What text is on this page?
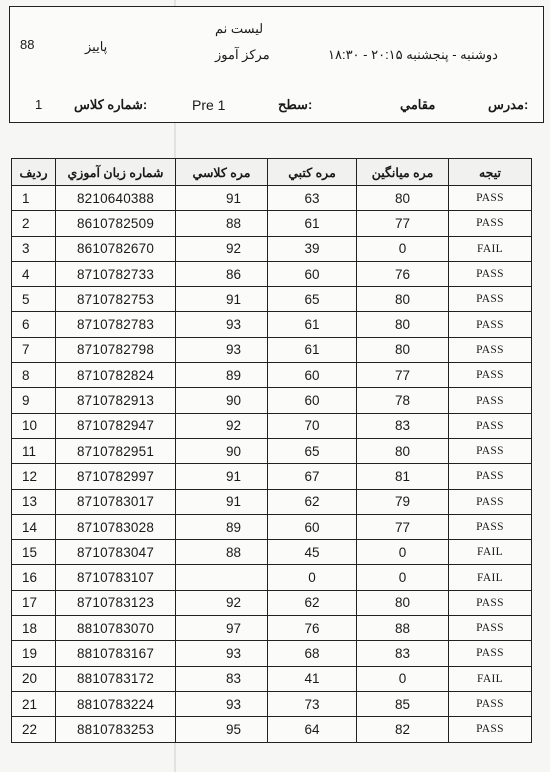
88	پاییز
لیست نم
مرکز آموز	دوشنبه - پنجشنبه ۲۰:۱۵ - ۱۸:۳۰
1 شماره کلاس:	Pre 1	سطح:	مقامي	مدرس:
ردیف	شماره زبان آموزي	مره کلاسي	مره کتبي	مره ميانگين	تيجه
1	8210640388	91	63	80	PASS
2	8610782509	88	61	77	PASS
3	8610782670	92	39	0	FAIL
4	8710782733	86	60	76	PASS
5	8710782753	91	65	80	PASS
6	8710782783	93	61	80	PASS
7	8710782798	93	61	80	PASS
8	8710782824	89	60	77	PASS
9	8710782913	90	60	78	PASS
10	8710782947	92	70	83	PASS
11	8710782951	90	65	80	PASS
12	8710782997	91	67	81	PASS
13	8710783017	91	62	79	PASS
14	8710783028	89	60	77	PASS
15	8710783047	88	45	0	FAIL
16	8710783107		0	0	FAIL
17	8710783123	92	62	80	PASS
18	8810783070	97	76	88	PASS
19	8810783167	93	68	83	PASS
20	8810783172	83	41	0	FAIL
21	8810783224	93	73	85	PASS
22	8810783253	95	64	82	PASS
